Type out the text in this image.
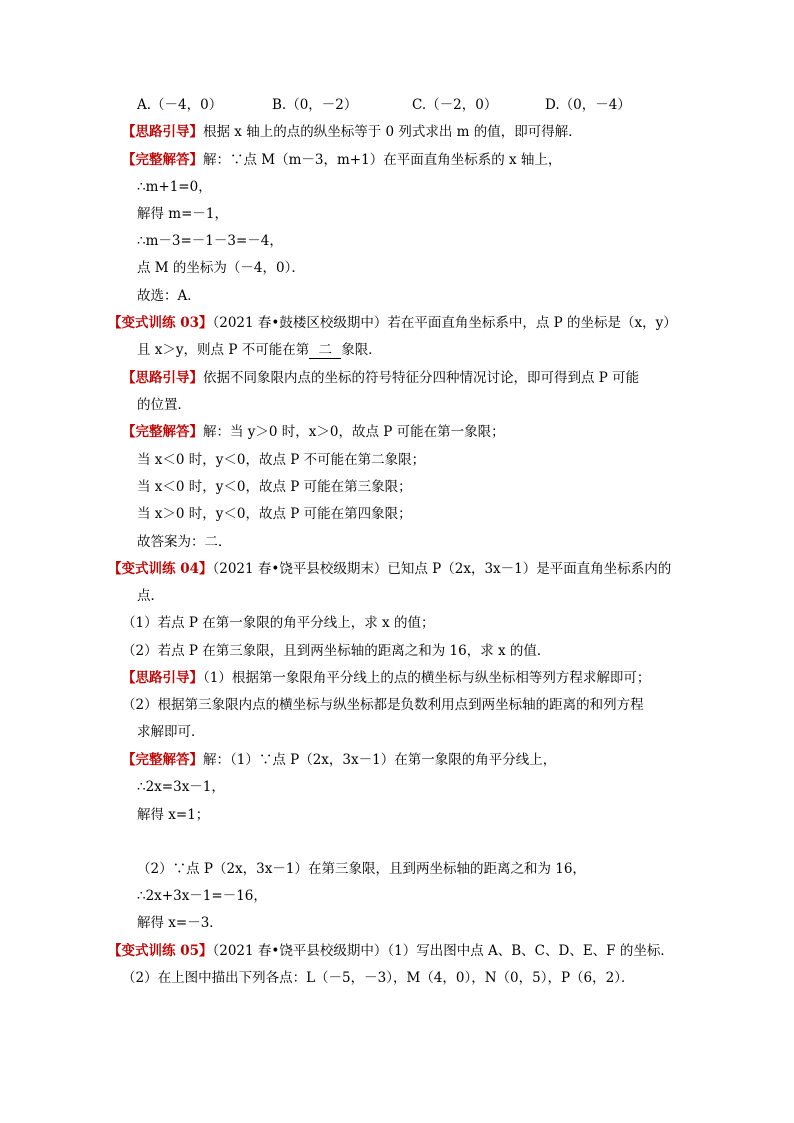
A.（－4，0）	B.（0，－2）	C.（－2，0）	D.（0，－4）
【思路引导】根据 x 轴上的点的纵坐标等于 0 列式求出 m 的值，即可得解．
【完整解答】解：∵点 M（m－3，m+1）在平面直角坐标系的 x 轴上，
∴m+1=0，
解得 m=－1，
∴m－3=－1－3=－4，
点 M 的坐标为（－4，0）．
故选：A．
【变式训练 03】（2021 春•鼓楼区校级期中）若在平面直角坐标系中，点 P 的坐标是（x，y）
且 x＞y，则点 P 不可能在第 二 象限．
【思路引导】依据不同象限内点的坐标的符号特征分四种情况讨论，即可得到点 P 可能
的位置．
【完整解答】解：当 y＞0 时，x＞0，故点 P 可能在第一象限；
当 x＜0 时，y＜0，故点 P 不可能在第二象限；
当 x＜0 时，y＜0，故点 P 可能在第三象限；
当 x＞0 时，y＜0，故点 P 可能在第四象限；
故答案为：二．
【变式训练 04】（2021 春•饶平县校级期末）已知点 P（2x，3x－1）是平面直角坐标系内的
点．
（1）若点 P 在第一象限的角平分线上，求 x 的值；
（2）若点 P 在第三象限，且到两坐标轴的距离之和为 16，求 x 的值．
【思路引导】（1）根据第一象限角平分线上的点的横坐标与纵坐标相等列方程求解即可；
（2）根据第三象限内点的横坐标与纵坐标都是负数利用点到两坐标轴的距离的和列方程
求解即可．
【完整解答】解：（1）∵点 P（2x，3x－1）在第一象限的角平分线上，
∴2x=3x－1，
解得 x=1；
（2）∵点 P（2x，3x－1）在第三象限，且到两坐标轴的距离之和为 16，
∴2x+3x－1=－16，
解得 x=－3．
【变式训练 05】（2021 春•饶平县校级期中）（1）写出图中点 A、B、C、D、E、F 的坐标．
（2）在上图中描出下列各点：L（－5，－3），M（4，0），N（0，5），P（6，2）．
